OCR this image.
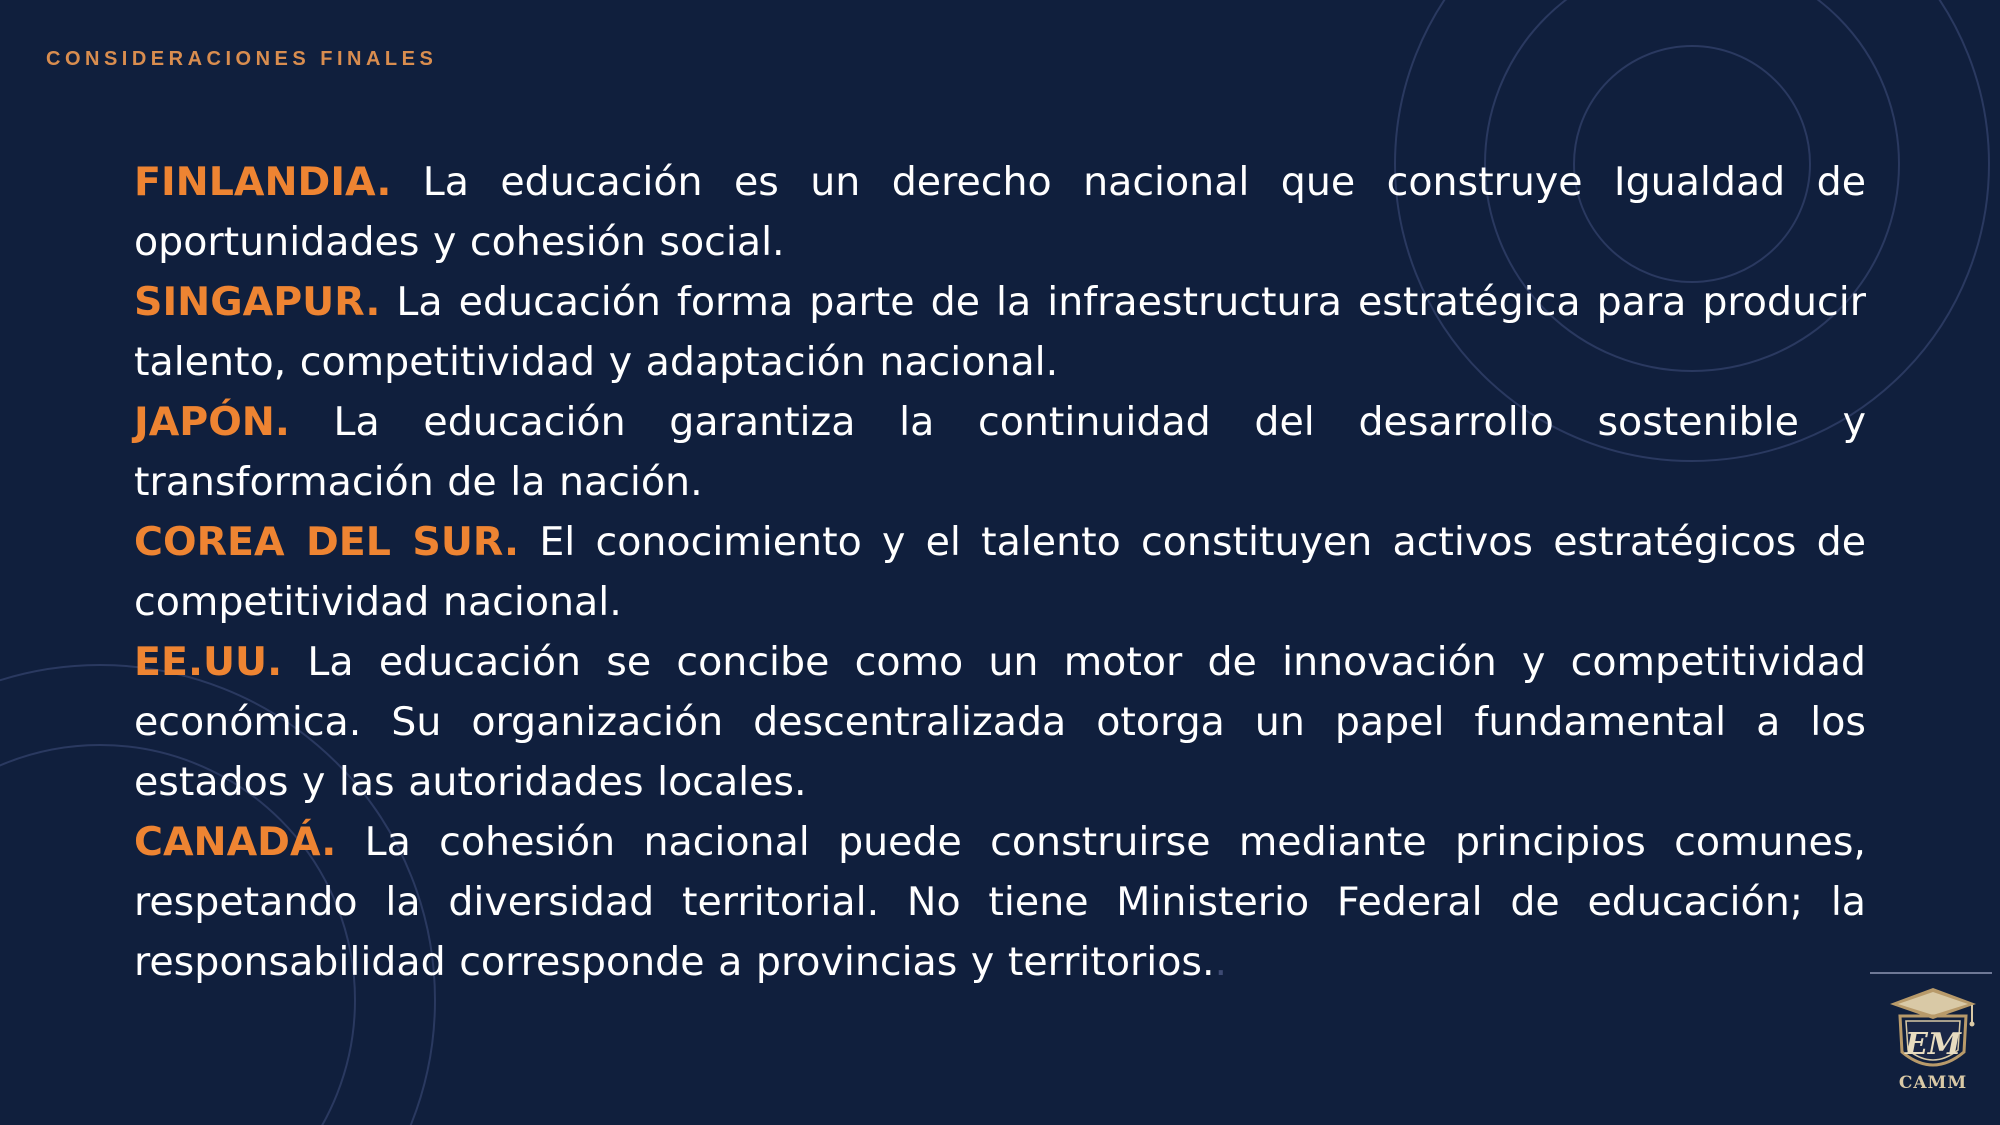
CONSIDERACIONES FINALES

FINLANDIA. La educación es un derecho nacional que construye Igualdad de oportunidades y cohesión social.

SINGAPUR. La educación forma parte de la infraestructura estratégica para producir talento, competitividad y adaptación nacional.

JAPÓN. La educación garantiza la continuidad del desarrollo sostenible y transformación de la nación.

COREA DEL SUR. El conocimiento y el talento constituyen activos estratégicos de competitividad nacional.

EE.UU. La educación se concibe como un motor de innovación y competitividad económica. Su organización descentralizada otorga un papel fundamental a los estados y las autoridades locales.

CANADÁ. La cohesión nacional puede construirse mediante principios comunes, respetando la diversidad territorial. No tiene Ministerio Federal de educación; la responsabilidad corresponde a provincias y territorios..

EM
CAMM
